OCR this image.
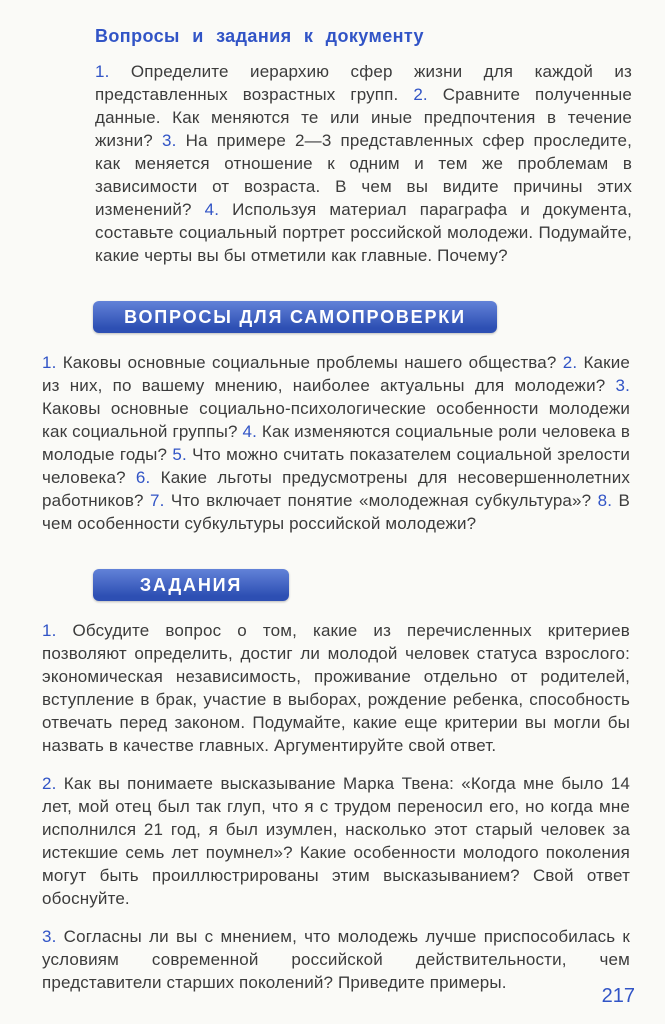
Вопросы и задания к документу

1. Определите иерархию сфер жизни для каждой из представленных возрастных групп. 2. Сравните полученные данные. Как меняются те или иные предпочтения в течение жизни? 3. На примере 2—3 представленных сфер проследите, как меняется отношение к одним и тем же проблемам в зависимости от возраста. В чем вы видите причины этих изменений? 4. Используя материал параграфа и документа, составьте социальный портрет российской молодежи. Подумайте, какие черты вы бы отметили как главные. Почему?

ВОПРОСЫ ДЛЯ САМОПРОВЕРКИ

1. Каковы основные социальные проблемы нашего общества? 2. Какие из них, по вашему мнению, наиболее актуальны для молодежи? 3. Каковы основные социально-психологические особенности молодежи как социальной группы? 4. Как изменяются социальные роли человека в молодые годы? 5. Что можно считать показателем социальной зрелости человека? 6. Какие льготы предусмотрены для несовершеннолетних работников? 7. Что включает понятие «молодежная субкультура»? 8. В чем особенности субкультуры российской молодежи?

ЗАДАНИЯ

1. Обсудите вопрос о том, какие из перечисленных критериев позволяют определить, достиг ли молодой человек статуса взрослого: экономическая независимость, проживание отдельно от родителей, вступление в брак, участие в выборах, рождение ребенка, способность отвечать перед законом. Подумайте, какие еще критерии вы могли бы назвать в качестве главных. Аргументируйте свой ответ.

2. Как вы понимаете высказывание Марка Твена: «Когда мне было 14 лет, мой отец был так глуп, что я с трудом переносил его, но когда мне исполнился 21 год, я был изумлен, насколько этот старый человек за истекшие семь лет поумнел»? Какие особенности молодого поколения могут быть проиллюстрированы этим высказыванием? Свой ответ обоснуйте.

3. Согласны ли вы с мнением, что молодежь лучше приспособилась к условиям современной российской действительности, чем представители старших поколений? Приведите примеры.

217
